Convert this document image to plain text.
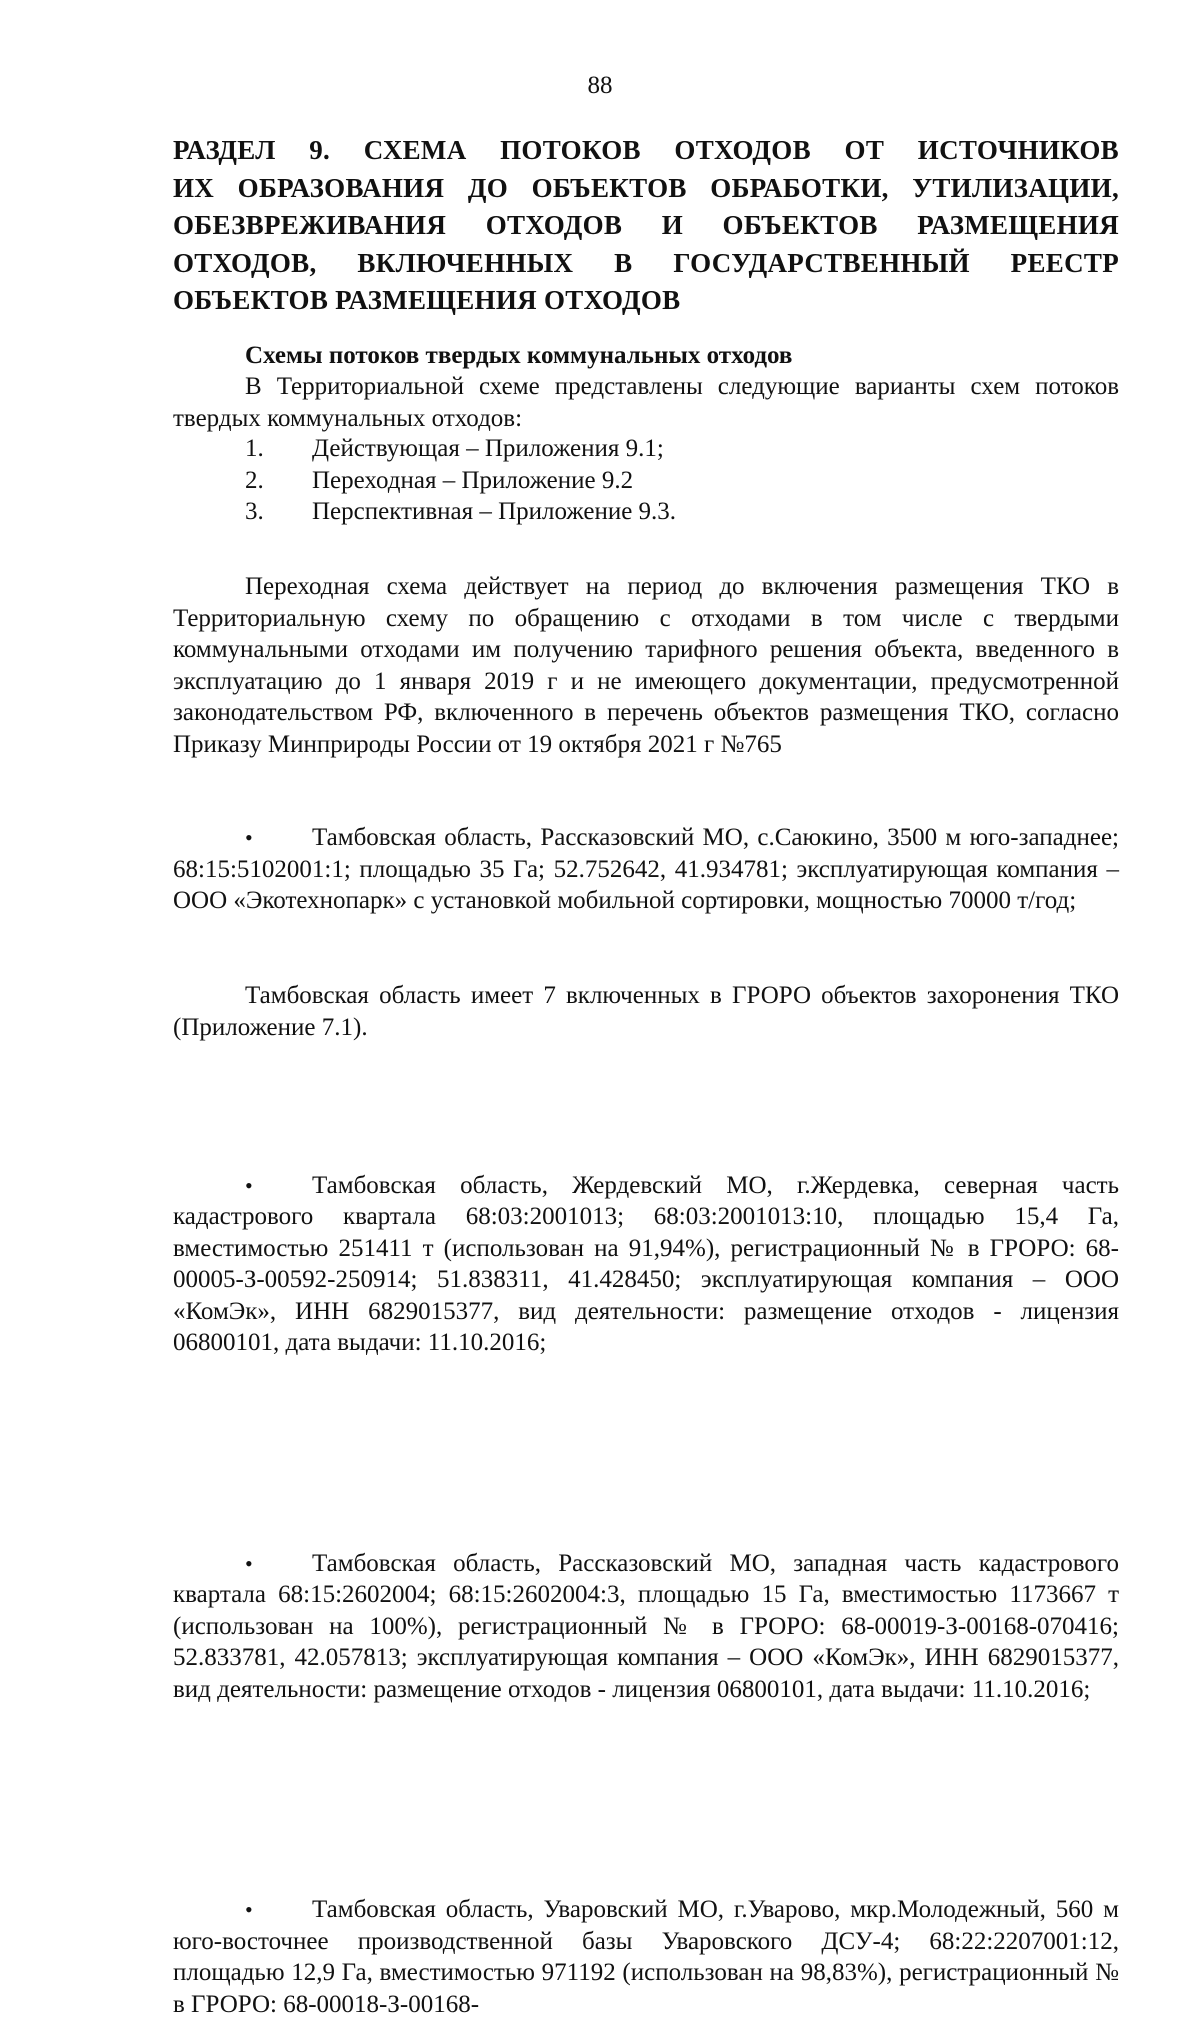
88
РАЗДЕЛ 9. СХЕМА ПОТОКОВ ОТХОДОВ ОТ ИСТОЧНИКОВ
ИХ ОБРАЗОВАНИЯ ДО ОБЪЕКТОВ ОБРАБОТКИ, УТИЛИЗАЦИИ,
ОБЕЗВРЕЖИВАНИЯ ОТХОДОВ И ОБЪЕКТОВ РАЗМЕЩЕНИЯ
ОТХОДОВ, ВКЛЮЧЕННЫХ В ГОСУДАРСТВЕННЫЙ РЕЕСТР
ОБЪЕКТОВ РАЗМЕЩЕНИЯ ОТХОДОВ
Схемы потоков твердых коммунальных отходов
В Территориальной схеме представлены следующие варианты схем потоков твердых коммунальных отходов:
1.	Действующая – Приложения 9.1;
2.	Переходная – Приложение 9.2
3.	Перспективная – Приложение 9.3.
Переходная схема действует на период до включения размещения ТКО в Территориальную схему по обращению с отходами в том числе с твердыми коммунальными отходами им получению тарифного решения объекта, введенного в эксплуатацию до 1 января 2019 г и не имеющего документации, предусмотренной законодательством РФ, включенного в перечень объектов размещения ТКО, согласно Приказу Минприроды России от 19 октября 2021 г №765
• Тамбовская область, Рассказовский МО, с.Саюкино, 3500 м юго-западнее; 68:15:5102001:1; площадью 35 Га; 52.752642, 41.934781; эксплуатирующая компания – ООО «Экотехнопарк» с установкой мобильной сортировки, мощностью 70000 т/год;
Тамбовская область имеет 7 включенных в ГРОРО объектов захоронения ТКО (Приложение 7.1).
• Тамбовская область, Жердевский МО, г.Жердевка, северная часть кадастрового квартала 68:03:2001013; 68:03:2001013:10, площадью 15,4 Га, вместимостью 251411 т (использован на 91,94%), регистрационный № в ГРОРО: 68-00005-З-00592-250914; 51.838311, 41.428450; эксплуатирующая компания – ООО «КомЭк», ИНН 6829015377, вид деятельности: размещение отходов - лицензия 06800101, дата выдачи: 11.10.2016;
• Тамбовская область, Рассказовский МО, западная часть кадастрового квартала 68:15:2602004; 68:15:2602004:3, площадью 15 Га, вместимостью 1173667 т (использован на 100%), регистрационный № в ГРОРО: 68-00019-З-00168-070416; 52.833781, 42.057813; эксплуатирующая компания – ООО «КомЭк», ИНН 6829015377, вид деятельности: размещение отходов - лицензия 06800101, дата выдачи: 11.10.2016;
• Тамбовская область, Уваровский МО, г.Уварово, мкр.Молодежный, 560 м юго-восточнее производственной базы Уваровского ДСУ-4; 68:22:2207001:12, площадью 12,9 Га, вместимостью 971192 (использован на 98,83%), регистрационный № в ГРОРО: 68-00018-З-00168-
